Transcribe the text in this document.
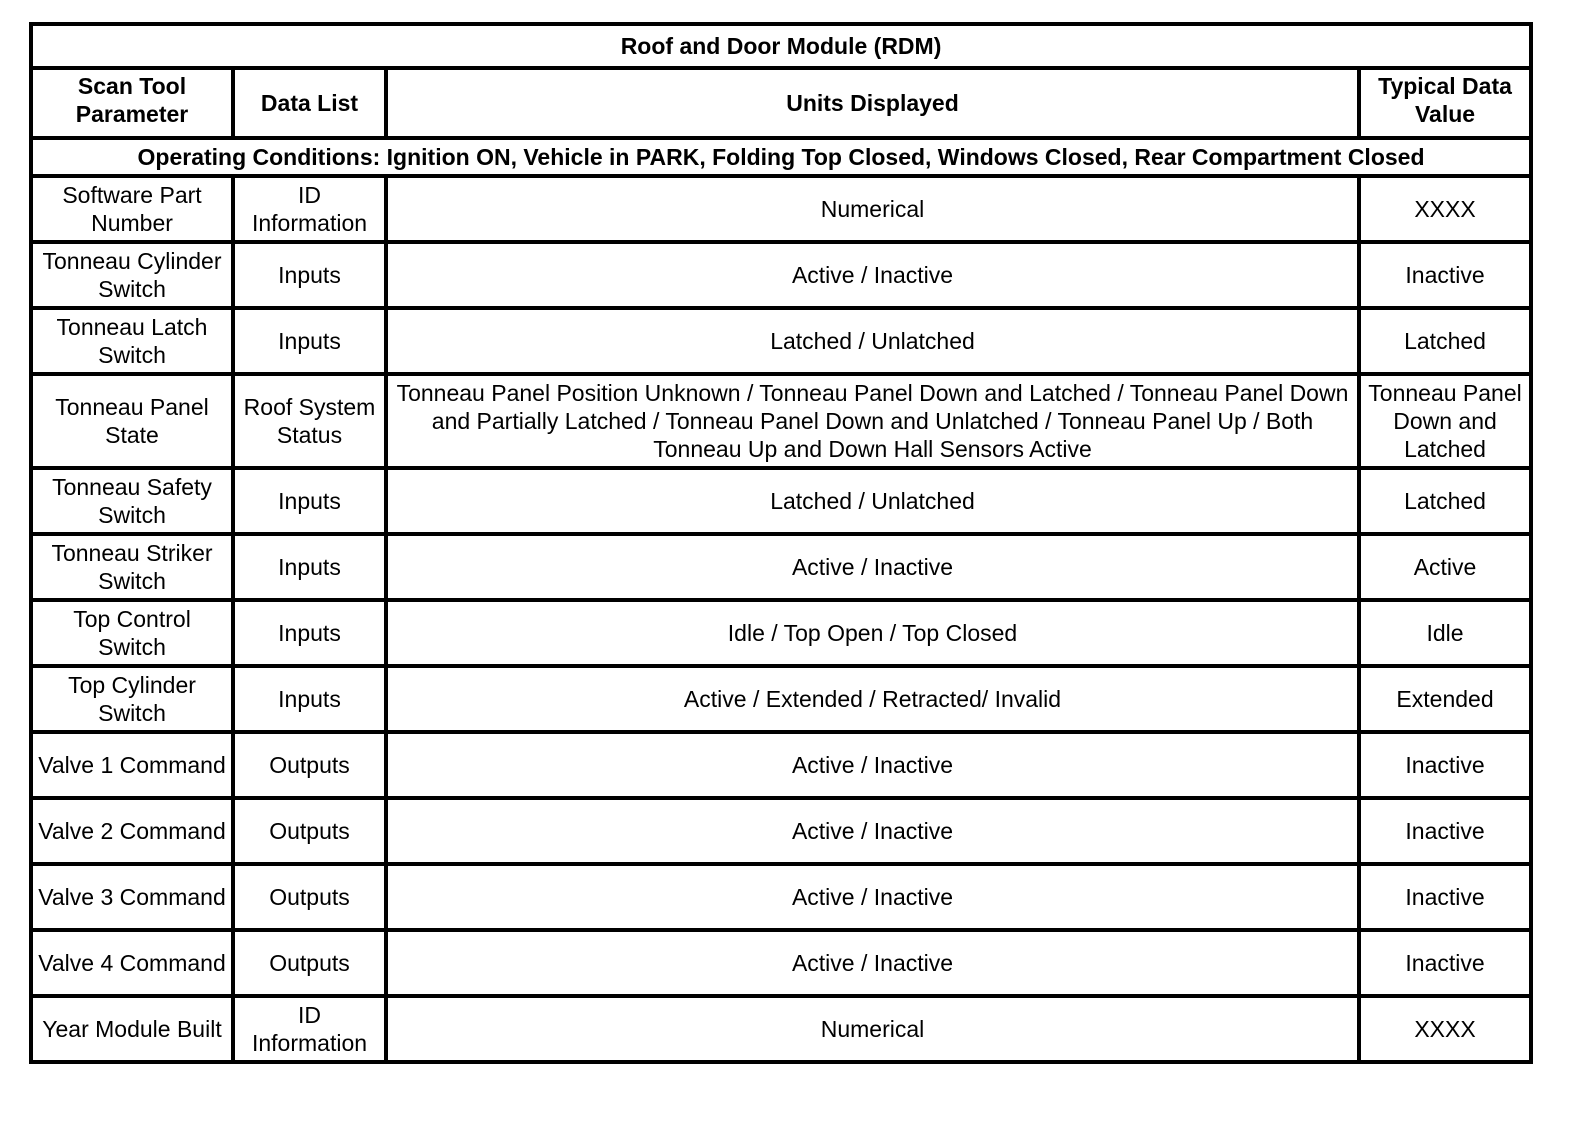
Roof and Door Module (RDM)			
Scan Tool Parameter	Data List	Units Displayed	Typical Data Value
Operating Conditions: Ignition ON, Vehicle in PARK, Folding Top Closed, Windows Closed, Rear Compartment Closed			
Software Part Number	ID Information	Numerical	XXXX
Tonneau Cylinder Switch	Inputs	Active / Inactive	Inactive
Tonneau Latch Switch	Inputs	Latched / Unlatched	Latched
Tonneau Panel State	Roof System Status	Tonneau Panel Position Unknown / Tonneau Panel Down and Latched / Tonneau Panel Down and Partially Latched / Tonneau Panel Down and Unlatched / Tonneau Panel Up / Both Tonneau Up and Down Hall Sensors Active	Tonneau Panel Down and Latched
Tonneau Safety Switch	Inputs	Latched / Unlatched	Latched
Tonneau Striker Switch	Inputs	Active / Inactive	Active
Top Control Switch	Inputs	Idle / Top Open / Top Closed	Idle
Top Cylinder Switch	Inputs	Active / Extended / Retracted/ Invalid	Extended
Valve 1 Command	Outputs	Active / Inactive	Inactive
Valve 2 Command	Outputs	Active / Inactive	Inactive
Valve 3 Command	Outputs	Active / Inactive	Inactive
Valve 4 Command	Outputs	Active / Inactive	Inactive
Year Module Built	ID Information	Numerical	XXXX
